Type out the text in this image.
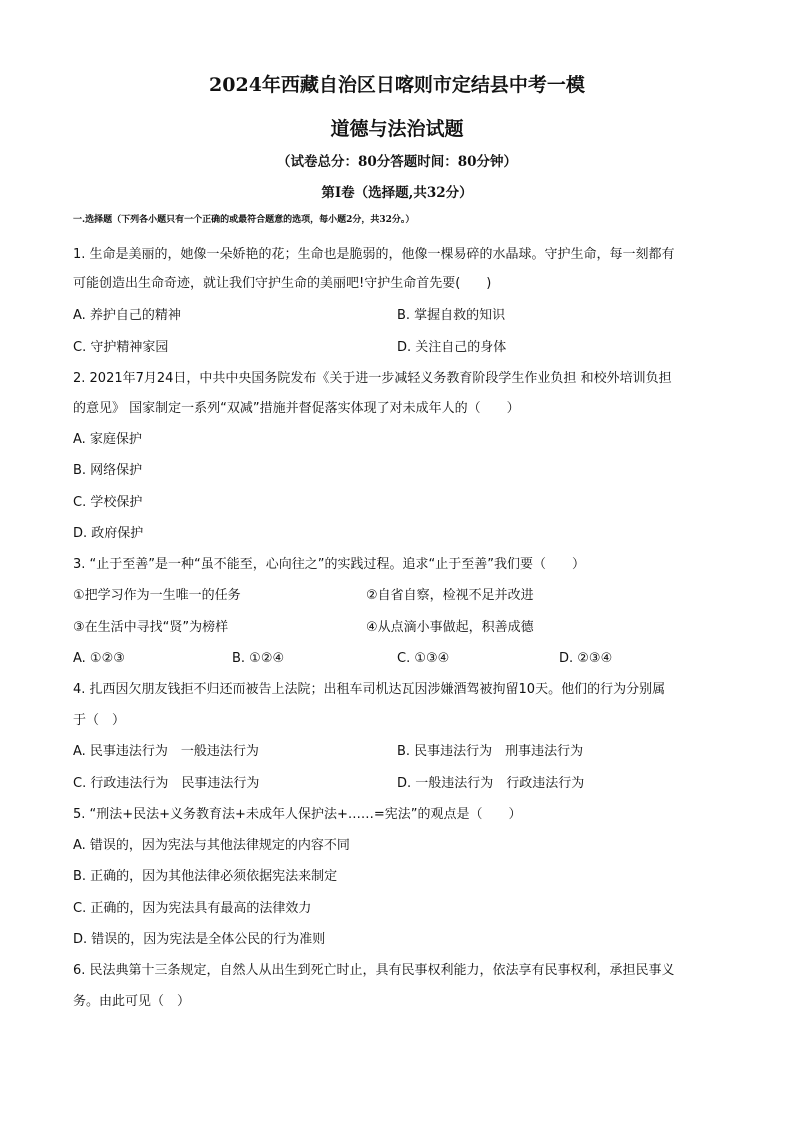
2024年西藏自治区日喀则市定结县中考一模
道德与法治试题
（试卷总分：80分答题时间：80分钟）
第I卷（选择题,共32分）
一.选择题（下列各小题只有一个正确的或最符合题意的选项，每小题2分，共32分。）
1. 生命是美丽的，她像一朵娇艳的花；生命也是脆弱的，他像一棵易碎的水晶球。守护生命，每一刻都有
可能创造出生命奇迹，就让我们守护生命的美丽吧!守护生命首先要(　　)
A. 养护自己的精神	B. 掌握自救的知识
C. 守护精神家园	D. 关注自己的身体
2. 2021年7月24日，中共中央国务院发布《关于进一步减轻义务教育阶段学生作业负担 和校外培训负担
的意见》 国家制定一系列“双减”措施并督促落实体现了对未成年人的（　　）
A. 家庭保护
B. 网络保护
C. 学校保护
D. 政府保护
3. “止于至善”是一种“虽不能至，心向往之”的实践过程。追求“止于至善”我们要（　　）
①把学习作为一生唯一的任务	②自省自察，检视不足并改进
③在生活中寻找“贤”为榜样	④从点滴小事做起，积善成德
A. ①②③	B. ①②④	C. ①③④	D. ②③④
4. 扎西因欠朋友钱拒不归还而被告上法院；出租车司机达瓦因涉嫌酒驾被拘留10天。他们的行为分别属
于（　）
A. 民事违法行为　一般违法行为	B. 民事违法行为　刑事违法行为
C. 行政违法行为　民事违法行为	D. 一般违法行为　行政违法行为
5. “刑法+民法+义务教育法+未成年人保护法+……=宪法”的观点是（　　）
A. 错误的，因为宪法与其他法律规定的内容不同
B. 正确的，因为其他法律必须依据宪法来制定
C. 正确的，因为宪法具有最高的法律效力
D. 错误的，因为宪法是全体公民的行为准则
6. 民法典第十三条规定，自然人从出生到死亡时止，具有民事权利能力，依法享有民事权利，承担民事义
务。由此可见（　）
